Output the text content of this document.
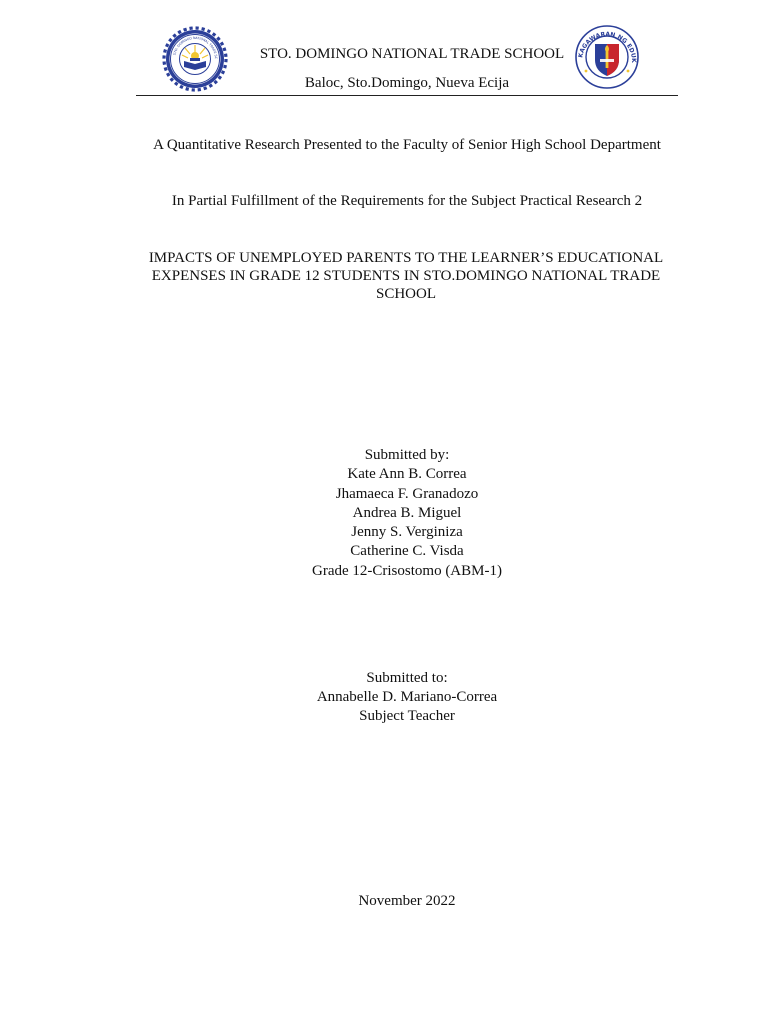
STO. DOMINGO NATIONAL TRADE SC	STO. DOMINGO NATIONAL TRADE SCHOOL
Baloc, Sto.Domingo, Nueva Ecija
KAGAWARAN NG EDUK
A Quantitative Research Presented to the Faculty of Senior High School Department
In Partial Fulfillment of the Requirements for the Subject Practical Research 2
IMPACTS OF UNEMPLOYED PARENTS TO THE LEARNER’S EDUCATIONAL
EXPENSES IN GRADE 12 STUDENTS IN STO.DOMINGO NATIONAL TRADE
SCHOOL
Submitted by:
Kate Ann B. Correa
Jhamaeca F. Granadozo
Andrea B. Miguel
Jenny S. Verginiza
Catherine C. Visda
Grade 12-Crisostomo (ABM-1)
Submitted to:
Annabelle D. Mariano-Correa
Subject Teacher
November 2022
